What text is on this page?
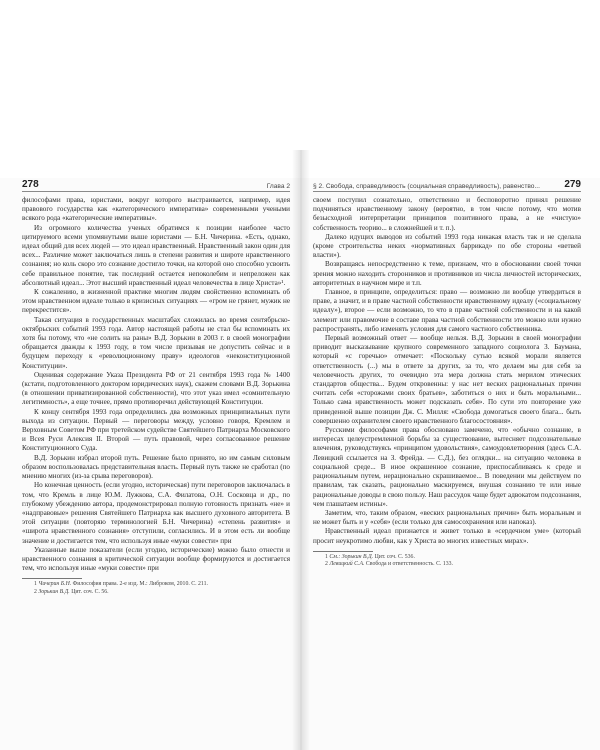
278	Глава 2

философами права, юристами, вокруг которого выстраивается, например, идея правового государства как «категорического императива» современными учеными всякого рода «категорические императивы».

Из огромного количества ученых обратимся к позиции наиболее часто цитируемого всеми упомянутыми выше юристами — Б.Н. Чичерина. «Есть, однако, идеал общий для всех людей — это идеал нравственный. Нравственный закон один для всех... Различие может заключаться лишь в степени развития и широте нравственного сознания; но коль скоро это сознание достигло точки, на которой оно способно усвоить себе правильное понятие, так последний остается непоколебим и непреложен как абсолютный идеал... Этот высший нравственный идеал человечества в лице Христа»¹.

К сожалению, в жизненной практике многим людям свойственно вспоминать об этом нравственном идеале только в кризисных ситуациях — «гром не грянет, мужик не перекрестится».

Такая ситуация в государственных масштабах сложилась во время сентябрьско-октябрьских событий 1993 года. Автор настоящей работы не стал бы вспоминать их хотя бы потому, что «не солить на раны» В.Д. Зорькин в 2003 г. в своей монографии обращается дважды к 1993 году, в том числе призывая не допустить сейчас и в будущем переходу к «революционному праву» идеологов «неконституционной Конституции».

Оценивая содержание Указа Президента РФ от 21 сентября 1993 года № 1400 (кстати, подготовленного доктором юридических наук), скажем словами В.Д. Зорькина (в отношении приватизированной собственности), что этот указ имел «сомнительную легитимность», а еще точнее, прямо противоречил действующей Конституции.

К концу сентября 1993 года определились два возможных принципиальных пути выхода из ситуации. Первый — переговоры между, условно говоря, Кремлем и Верховным Советом РФ при третейском судействе Святейшего Патриарха Московского и Всея Руси Алексия II. Второй — путь правовой, через согласованное решение Конституционного Суда.

В.Д. Зорькин избрал второй путь. Решение было принято, но им самым силовым образом воспользовалась представительная власть. Первый путь также не сработал (по мнению многих (из-за срыва переговоров).

Но конечная ценность (если угодно, историческая) пути переговоров заключалась в том, что Кремль в лице Ю.М. Лужкова, С.А. Филатова, О.Н. Сосковца и др., по глубокому убеждению автора, продемонстрировал полную готовность признать «не» и «надправовые» решения Святейшего Патриарха как высшего духовного авторитета. В этой ситуации (повторяю терминологией Б.Н. Чичерина) «степень развития» и «широта нравственного сознания» отступили, согласились. И в этом есть ли вообще значение и достигается тем, что используя иные «муки совести» при

Указанные выше показатели (если угодно, исторические) можно было отнести и нравственного сознания в критической ситуации вообще формируются и достигается тем, что используя иные «муки совести» при

1 Чичерин Б.Н. Философия права. 2-е изд. М.: Либроком, 2010. С. 211.
2 Зорькин В.Д. Цит. соч. С. 56.
§ 2. Свобода, справедливость (социальная справедливость), равенство... 279

своем поступил сознательно, ответственно и бесповоротно принял решение подчиняться нравственному закону (вероятно, в том числе потому, что мотив безысходной интерпретации принципов позитивного права, а не «чистую» собственность теорию... в сложнейшей и т. п.).

Далеко идущих выводов из событий 1993 года никакая власть так и не сделала (кроме строительства неких «нормативных баррикад» по обе стороны «ветвей власти»).

Возвращаясь непосредственно к теме, признаем, что в обосновании своей точки зрения можно находить сторонников и противников из числа личностей исторических, авторитетных в научном мире и т.п.

Главное, в принципе, определиться: право — возможно ли вообще утвердиться в праве, а значит, и в праве частной собственности нравственному идеалу («социальному идеалу»), второе — если возможно, то что в праве частной собственности и на какой элемент или правомочие в составе права частной собственности это можно или нужно распространять, либо изменять условия для самого частного собственника.

Первый возможный ответ — вообще нельзя. В.Д. Зорькин в своей монографии приводит высказывание крупного современного западного социолога З. Баумана, который «с горечью» отмечает: «Поскольку сутью всякой морали является ответственность (...) мы в ответе за других, за то, что делаем мы для себя за человечность других, то очевидно эта мера должна стать мерилом этических стандартов общества... Будем откровенны: у нас нет веских рациональных причин считать себя «сторожами своих братьев», заботиться о них и быть моральными... Только сама нравственность может подсказать себя». По сути это повторение уже приведенной выше позиции Дж. С. Милля: «Свобода домогаться своего блага... быть совершенно охранителем своего нравственного благосостояния».

Русскими философами права обосновано замечено, что «обычно сознание, в интересах целеустремленной борьбы за существование, вытесняет подсознательные влечения, руководствуясь «принципом удовольствия», самоудовлетворения (здесь С.А. Левицкий ссылается на З. Фрейда. — С.Д.), без оглядки... на ситуацию человека в социальной среде... В иное окрашенное сознание, приспосабливаясь к среде и рациональным путем, нерационально скрашиваемое... В поведении мы действуем по правилам, так сказать, рационально маскируемся, внушая сознанию те или иные рациональные доводы в свою пользу. Наш рассудок чаще будет адвокатом подсознания, чем глашатаем истины».

Заметим, что, таким образом, «веских рациональных причин» быть моральным и не может быть и у «себя» (если только для самосохранения или напоказ).

Нравственный идеал признается и живет только в «сердечном уме» (который просит неукротимо любви, как у Христа во многих известных мирах».

1 См.: Зорькин В.Д. Цит. соч. С. 536.
2 Левицкий С.А. Свобода и ответственность. С. 133.
